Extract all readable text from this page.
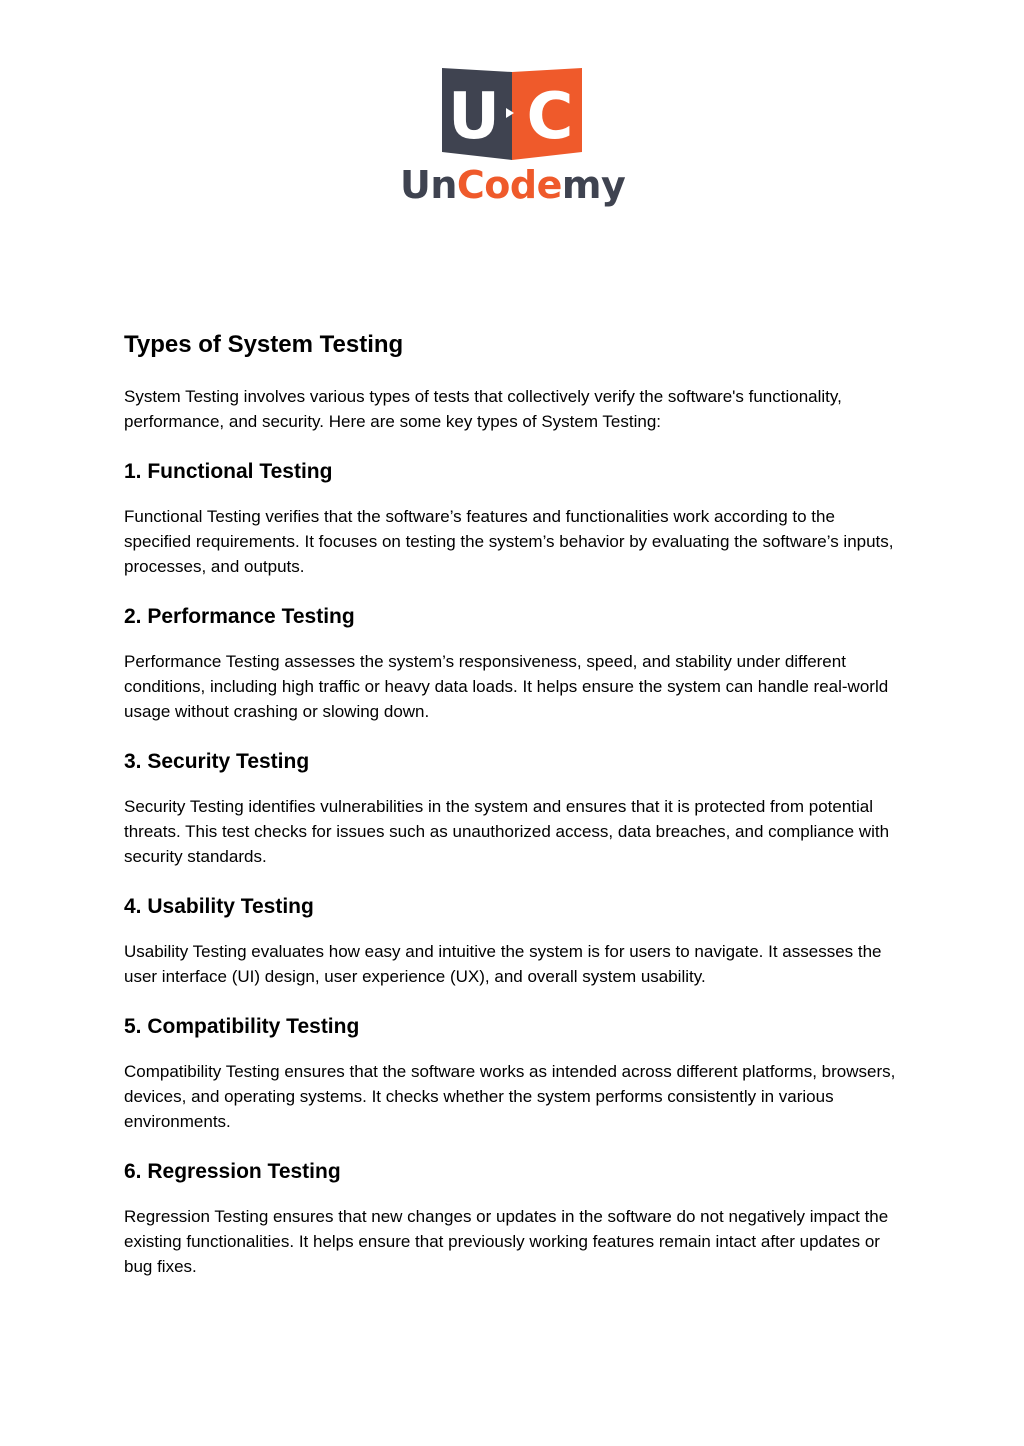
U C
UnCodemy
Types of System Testing

System Testing involves various types of tests that collectively verify the software's functionality, performance, and security. Here are some key types of System Testing:

1. Functional Testing

Functional Testing verifies that the software’s features and functionalities work according to the specified requirements. It focuses on testing the system’s behavior by evaluating the software’s inputs, processes, and outputs.

2. Performance Testing

Performance Testing assesses the system’s responsiveness, speed, and stability under different conditions, including high traffic or heavy data loads. It helps ensure the system can handle real-world usage without crashing or slowing down.

3. Security Testing

Security Testing identifies vulnerabilities in the system and ensures that it is protected from potential threats. This test checks for issues such as unauthorized access, data breaches, and compliance with security standards.

4. Usability Testing

Usability Testing evaluates how easy and intuitive the system is for users to navigate. It assesses the user interface (UI) design, user experience (UX), and overall system usability.

5. Compatibility Testing

Compatibility Testing ensures that the software works as intended across different platforms, browsers, devices, and operating systems. It checks whether the system performs consistently in various environments.

6. Regression Testing

Regression Testing ensures that new changes or updates in the software do not negatively impact the existing functionalities. It helps ensure that previously working features remain intact after updates or bug fixes.
